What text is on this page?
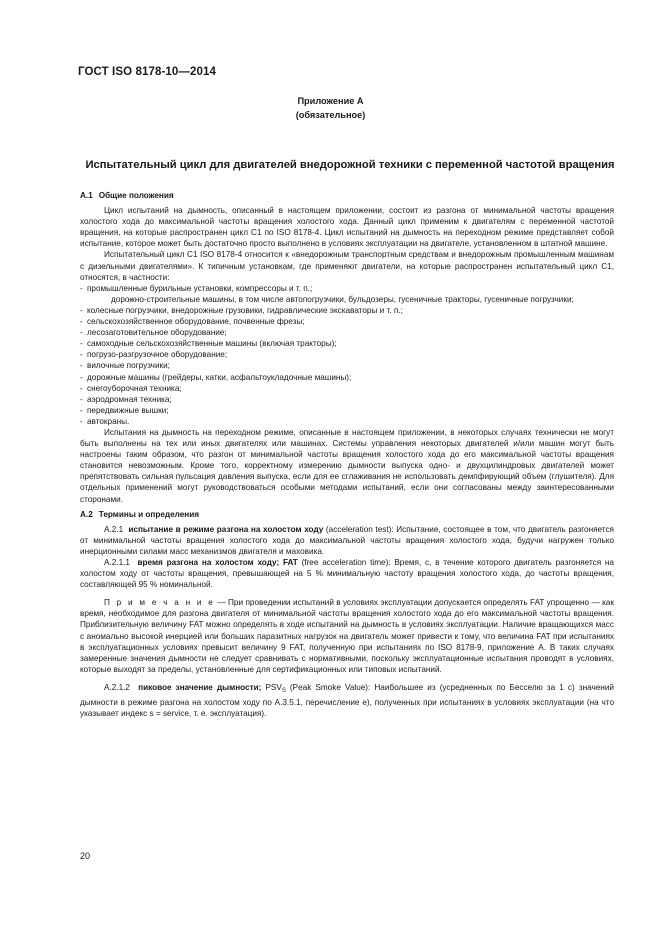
ГОСТ ISO 8178-10—2014
Приложение А
(обязательное)
Испытательный цикл для двигателей внедорожной техники с переменной частотой вращения

А.1 Общие положения

Цикл испытаний на дымность, описанный в настоящем приложении, состоит из разгона от минимальной частоты вращения холостого хода до максимальной частоты вращения холостого хода. Данный цикл применим к двигателям с переменной частотой вращения, на которые распространен цикл С1 по ISO 8178-4. Цикл испытаний на дымность на переходном режиме представляет собой испытание, которое может быть достаточно просто выполнено в условиях эксплуатации на двигателе, установленном в штатной машине.

Испытательный цикл С1 ISO 8178-4 относится к «внедорожным транспортным средствам и внедорожным промышленным машинам с дизельными двигателями». К типичным установкам, где применяют двигатели, на которые распространен испытательный цикл С1, относятся, в частности:

- промышленные бурильные установки, компрессоры и т. п.;

- дорожно-строительные машины, в том числе автопогрузчики, бульдозеры, гусеничные тракторы, гусеничные погрузчики;

- колесные погрузчики, внедорожные грузовики, гидравлические экскаваторы и т. п.;

- сельскохозяйственное оборудование, почвенные фрезы;

- лесозаготовительное оборудование;

- самоходные сельскохозяйственные машины (включая тракторы);

- погрузо-разгрузочное оборудование;

- вилочные погрузчики;

- дорожные машины (грейдеры, катки, асфальтоукладочные машины);

- снегоуборочная техника;

- аэродромная техника;

- передвижные вышки;

- автокраны.

Испытания на дымность на переходном режиме, описанные в настоящем приложении, в некоторых случаях технически не могут быть выполнены на тех или иных двигателях или машинах. Системы управления некоторых двигателей и/или машин могут быть настроены таким образом, что разгон от минимальной частоты вращения холостого хода до его максимальной частоты вращения становится невозможным. Кроме того, корректному измерению дымности выпуска одно- и двухцилиндровых двигателей может препятствовать сильная пульсация давления выпуска, если для ее сглаживания не использовать демпфирующий объем (глушителя). Для отдельных применений могут руководствоваться особыми методами испытаний, если они согласованы между заинтересованными сторонами.

А.2 Термины и определения

А.2.1 испытание в режиме разгона на холостом ходу (acceleration test): Испытание, состоящее в том, что двигатель разгоняется от минимальной частоты вращения холостого хода до максимальной частоты вращения холостого хода, будучи нагружен только инерционными силами масс механизмов двигателя и маховика.

А.2.1.1 время разгона на холостом ходу; FAT (free acceleration time): Время, с, в течение которого двигатель разгоняется на холостом ходу от частоты вращения, превышающей на 5 % минимальную частоту вращения холостого хода, до частоты вращения, составляющей 95 % номинальной.

П р и м е ч а н и е — При проведении испытаний в условиях эксплуатации допускается определять FAT упрощенно — как время, необходимое для разгона двигателя от минимальной частоты вращения холостого хода до его максимальной частоты вращения. Приблизительную величину FAT можно определять в ходе испытаний на дымность в условиях эксплуатации. Наличие вращающихся масс с аномально высокой инерцией или больших паразитных нагрузок на двигатель может привести к тому, что величина FAT при испытаниях в эксплуатационных условиях превысит величину 9 FAT, полученную при испытаниях по ISO 8178-9, приложение А. В таких случаях замеренные значения дымности не следует сравнивать с нормативными, поскольку эксплуатационные испытания проводят в условиях, которые выходят за пределы, установленные для сертификационных или типовых испытаний.

А.2.1.2 пиковое значение дымности; $PSV_S$ (Peak Smoke Value): Наибольшее из (усредненных по Бесселю за 1 с) значений дымности в режиме разгона на холостом ходу по А.3.5.1, перечисление е), полученных при испытаниях в условиях эксплуатации (на что указывает индекс s = service, т. е. эксплуатация).

20
